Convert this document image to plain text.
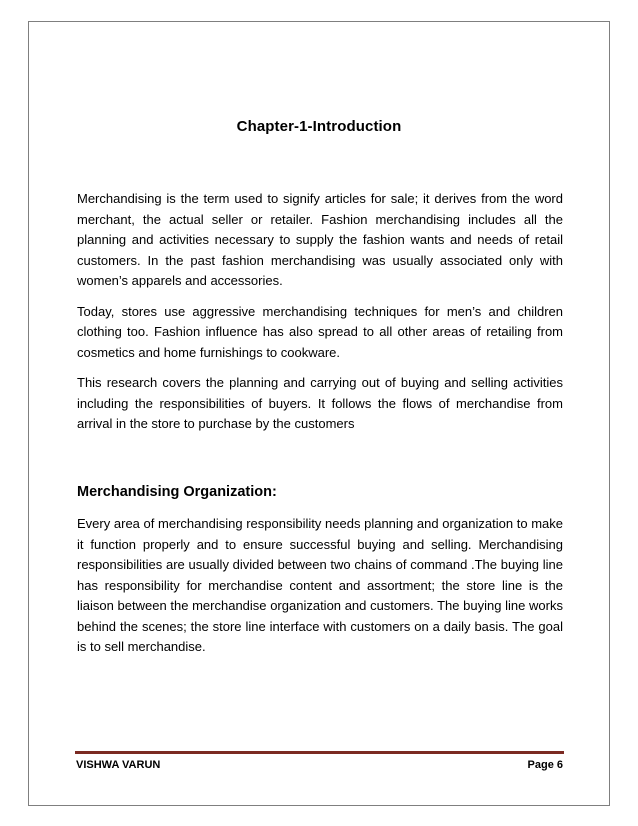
Chapter-1-Introduction

Merchandising is the term used to signify articles for sale; it derives from the word merchant, the actual seller or retailer. Fashion merchandising includes all the planning and activities necessary to supply the fashion wants and needs of retail customers. In the past fashion merchandising was usually associated only with women’s apparels and accessories.

Today, stores use aggressive merchandising techniques for men’s and children clothing too. Fashion influence has also spread to all other areas of retailing from cosmetics and home furnishings to cookware.

This research covers the planning and carrying out of buying and selling activities including the responsibilities of buyers. It follows the flows of merchandise from arrival in the store to purchase by the customers

Merchandising Organization:

Every area of merchandising responsibility needs planning and organization to make it function properly and to ensure successful buying and selling. Merchandising responsibilities are usually divided between two chains of command .The buying line has responsibility for merchandise content and assortment; the store line is the liaison between the merchandise organization and customers. The buying line works behind the scenes; the store line interface with customers on a daily basis. The goal is to sell merchandise.

VISHWA VARUN	Page 6
